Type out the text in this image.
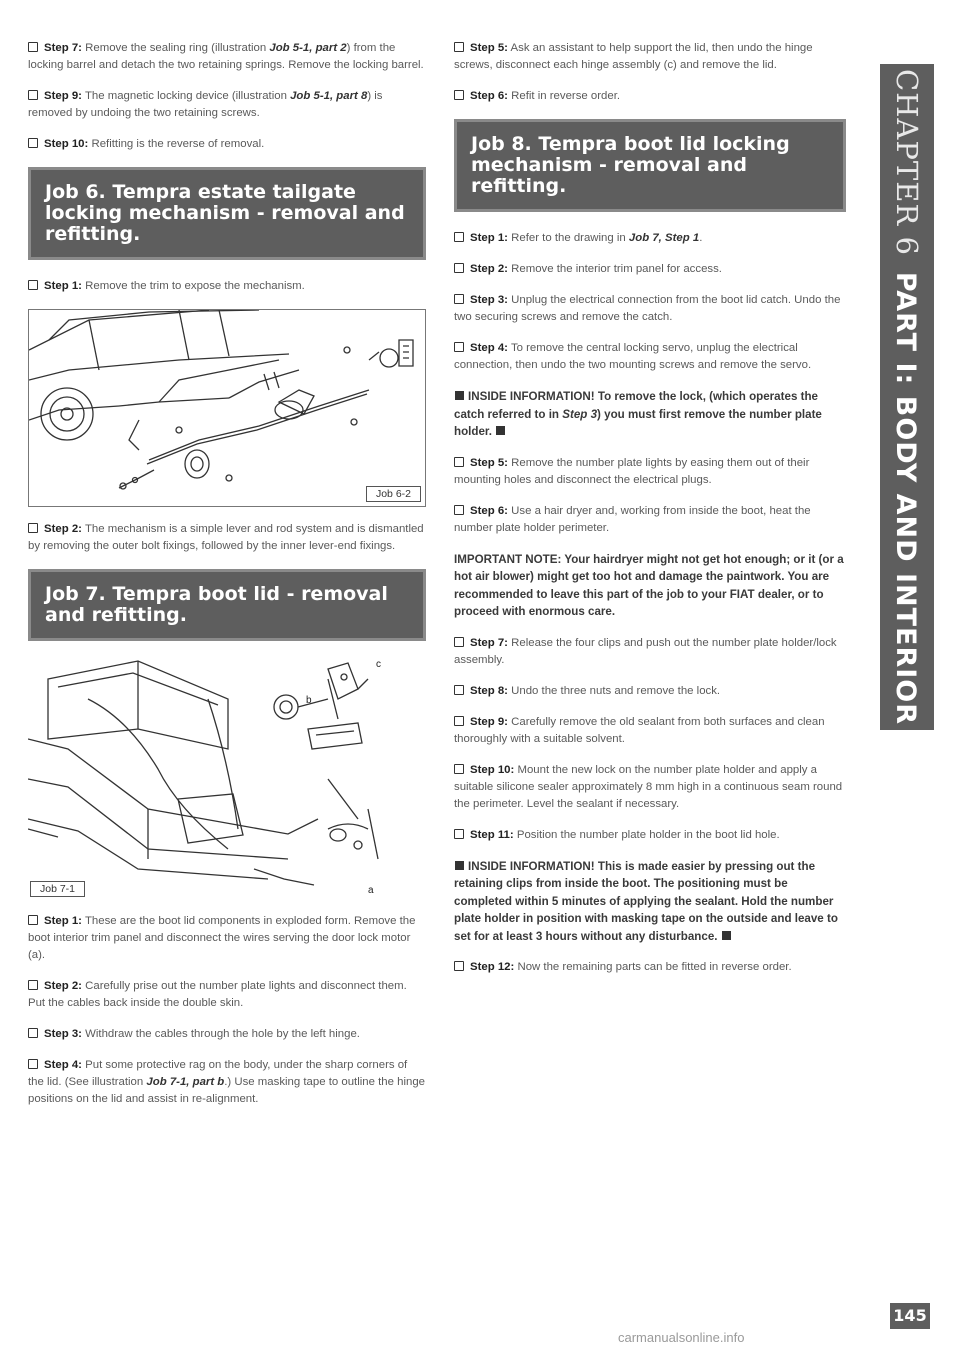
Step 7: Remove the sealing ring (illustration Job 5-1, part 2) from the locking barrel and detach the two retaining springs. Remove the locking barrel.

Step 9: The magnetic locking device (illustration Job 5-1, part 8) is removed by undoing the two retaining screws.

Step 10: Refitting is the reverse of removal.

Job 6. Tempra estate tailgate locking mechanism - removal and refitting.

Step 1: Remove the trim to expose the mechanism.

Job 6-2

Step 2: The mechanism is a simple lever and rod system and is dismantled by removing the outer bolt fixings, followed by the inner lever-end fixings.

Job 7. Tempra boot lid - removal and refitting.
Job 7-1
c
b
a

Step 1: These are the boot lid components in exploded form. Remove the boot interior trim panel and disconnect the wires serving the door lock motor (a).

Step 2: Carefully prise out the number plate lights and disconnect them. Put the cables back inside the double skin.

Step 3: Withdraw the cables through the hole by the left hinge.

Step 4: Put some protective rag on the body, under the sharp corners of the lid. (See illustration Job 7-1, part b.) Use masking tape to outline the hinge positions on the lid and assist in re-alignment.

Step 5: Ask an assistant to help support the lid, then undo the hinge screws, disconnect each hinge assembly (c) and remove the lid.

Step 6: Refit in reverse order.

Job 8. Tempra boot lid locking mechanism - removal and refitting.

Step 1: Refer to the drawing in Job 7, Step 1.

Step 2: Remove the interior trim panel for access.

Step 3: Unplug the electrical connection from the boot lid catch. Undo the two securing screws and remove the catch.

Step 4: To remove the central locking servo, unplug the electrical connection, then undo the two mounting screws and remove the servo.

INSIDE INFORMATION! To remove the lock, (which operates the catch referred to in Step 3) you must first remove the number plate holder.

Step 5: Remove the number plate lights by easing them out of their mounting holes and disconnect the electrical plugs.

Step 6: Use a hair dryer and, working from inside the boot, heat the number plate holder perimeter.

IMPORTANT NOTE: Your hairdryer might not get hot enough; or it (or a hot air blower) might get too hot and damage the paintwork. You are recommended to leave this part of the job to your FIAT dealer, or to proceed with enormous care.

Step 7: Release the four clips and push out the number plate holder/lock assembly.

Step 8: Undo the three nuts and remove the lock.

Step 9: Carefully remove the old sealant from both surfaces and clean thoroughly with a suitable solvent.

Step 10: Mount the new lock on the number plate holder and apply a suitable silicone sealer approximately 8 mm high in a continuous seam round the perimeter. Level the sealant if necessary.

Step 11: Position the number plate holder in the boot lid hole.

INSIDE INFORMATION! This is made easier by pressing out the retaining clips from inside the boot. The positioning must be completed within 5 minutes of applying the sealant. Hold the number plate holder in position with masking tape on the outside and leave to set for at least 3 hours without any disturbance.

Step 12: Now the remaining parts can be fitted in reverse order.

CHAPTER 6PART I: BODY AND INTERIOR
145
carmanualsonline.info
